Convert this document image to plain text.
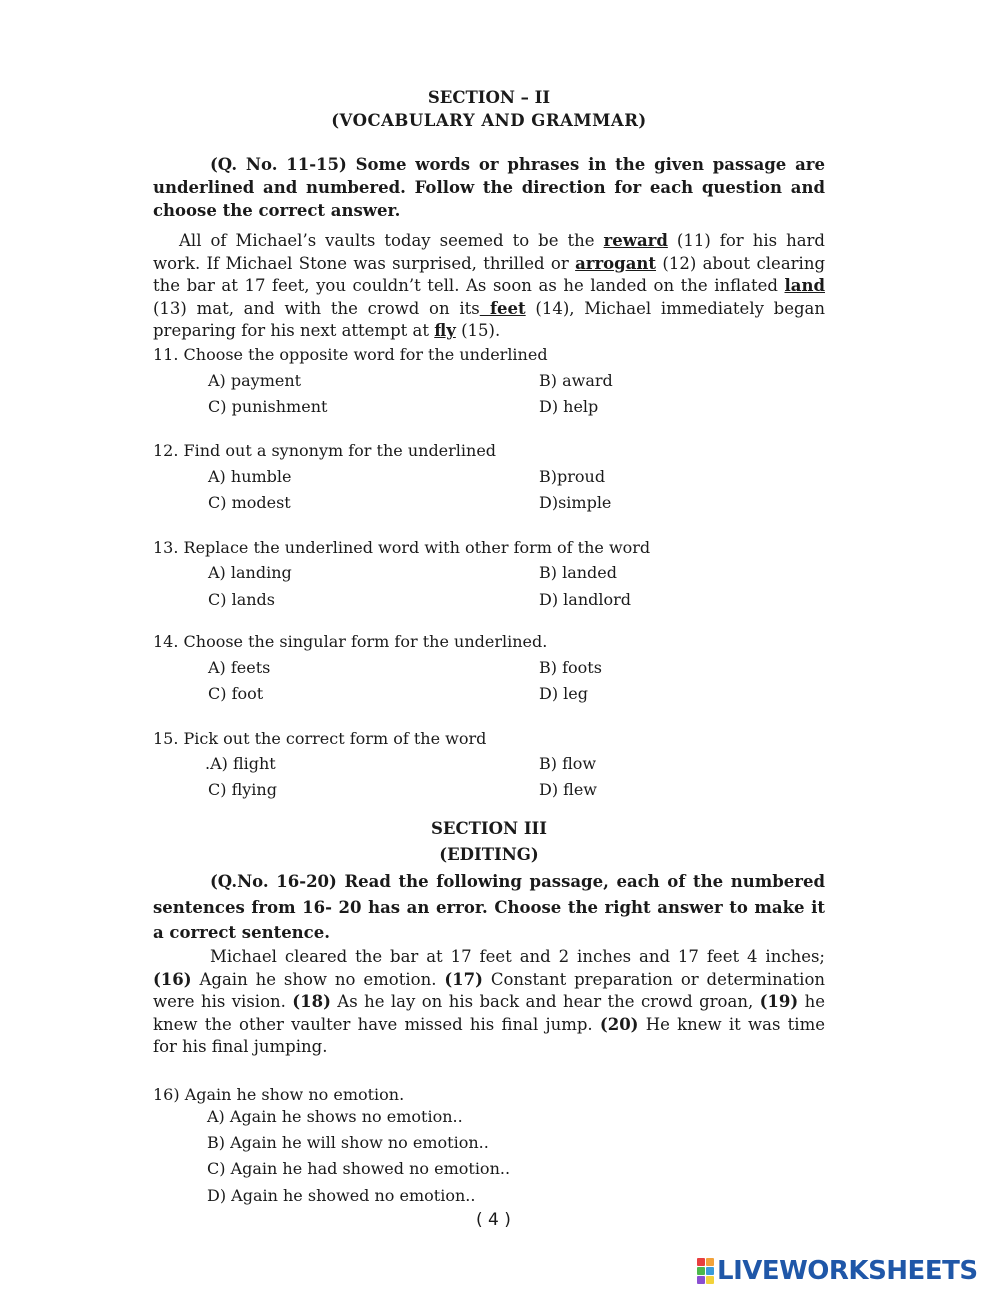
SECTION – II
(VOCABULARY AND GRAMMAR)
(Q. No. 11-15) Some words or phrases in the given passage are underlined and numbered. Follow the direction for each question and choose the correct answer.
All of Michael’s vaults today seemed to be the reward (11) for his hard work. If Michael Stone was surprised, thrilled or arrogant (12) about clearing the bar at 17 feet, you couldn’t tell. As soon as he landed on the inflated land (13) mat, and with the crowd on its feet (14), Michael immediately began preparing for his next attempt at fly (15).
11. Choose the opposite word for the underlined
A) payment	B) award
C) punishment	D) help
12. Find out a synonym for the underlined
A) humble	B)proud
C) modest	D)simple
13. Replace the underlined word with other form of the word
A) landing	B) landed
C) lands	D) landlord
14. Choose the singular form for the underlined.
A) feets	B) foots
C) foot	D) leg
15. Pick out the correct form of the word
.A) flight	B) flow
C) flying	D) flew
SECTION III
(EDITING)
(Q.No. 16-20) Read the following passage, each of the numbered sentences from 16- 20 has an error. Choose the right answer to make it a correct sentence.
Michael cleared the bar at 17 feet and 2 inches and 17 feet 4 inches; (16) Again he show no emotion. (17) Constant preparation or determination were his vision. (18) As he lay on his back and hear the crowd groan, (19) he knew the other vaulter have missed his final jump. (20) He knew it was time for his final jumping.
16) Again he show no emotion.
A) Again he shows no emotion..
B) Again he will show no emotion..
C) Again he had showed no emotion..
D) Again he showed no emotion..
( 4 )
LIVEWORKSHEETS
